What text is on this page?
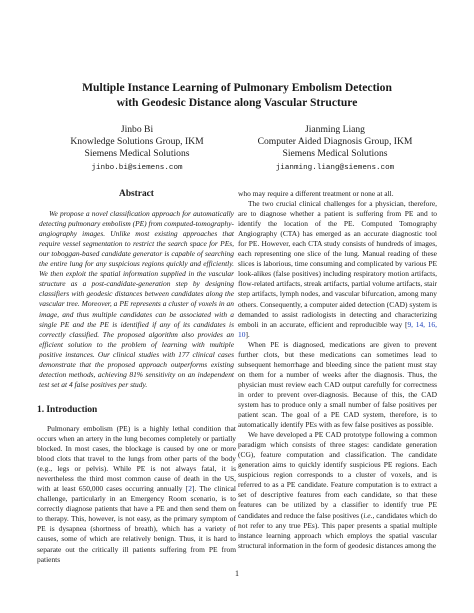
Multiple Instance Learning of Pulmonary Embolism Detection
with Geodesic Distance along Vascular Structure
Jinbo Bi
Knowledge Solutions Group, IKM
Siemens Medical Solutions
jinbo.bi@siemens.com
Jianming Liang
Computer Aided Diagnosis Group, IKM
Siemens Medical Solutions
jianming.liang@siemens.com
Abstract

We propose a novel classification approach for automatically detecting pulmonary embolism (PE) from computed-tomography-angiography images. Unlike most existing approaches that require vessel segmentation to restrict the search space for PEs, our toboggan-based candidate generator is capable of searching the entire lung for any suspicious regions quickly and efficiently. We then exploit the spatial information supplied in the vascular structure as a post-candidate-generation step by designing classifiers with geodesic distances between candidates along the vascular tree. Moreover, a PE represents a cluster of voxels in an image, and thus multiple candidates can be associated with a single PE and the PE is identified if any of its candidates is correctly classified. The proposed algorithm also provides an efficient solution to the problem of learning with multiple positive instances. Our clinical studies with 177 clinical cases demonstrate that the proposed approach outperforms existing detection methods, achieving 81% sensitivity on an independent test set at 4 false positives per study.

1. Introduction

Pulmonary embolism (PE) is a highly lethal condition that occurs when an artery in the lung becomes completely or partially blocked. In most cases, the blockage is caused by one or more blood clots that travel to the lungs from other parts of the body (e.g., legs or pelvis). While PE is not always fatal, it is nevertheless the third most common cause of death in the US, with at least 650,000 cases occurring annually [2]. The clinical challenge, particularly in an Emergency Room scenario, is to correctly diagnose patients that have a PE and then send them on to therapy. This, however, is not easy, as the primary symptom of PE is dysapnea (shortness of breath), which has a variety of causes, some of which are relatively benign. Thus, it is hard to separate out the critically ill patients suffering from PE from patients

who may require a different treatment or none at all.

The two crucial clinical challenges for a physician, therefore, are to diagnose whether a patient is suffering from PE and to identify the location of the PE. Computed Tomography Angiography (CTA) has emerged as an accurate diagnostic tool for PE. However, each CTA study consists of hundreds of images, each representing one slice of the lung. Manual reading of these slices is laborious, time consuming and complicated by various PE look-alikes (false positives) including respiratory motion artifacts, flow-related artifacts, streak artifacts, partial volume artifacts, stair step artifacts, lymph nodes, and vascular bifurcation, among many others. Consequently, a computer aided detection (CAD) system is demanded to assist radiologists in detecting and characterizing emboli in an accurate, efficient and reproducible way [9, 14, 16, 10].

When PE is diagnosed, medications are given to prevent further clots, but these medications can sometimes lead to subsequent hemorrhage and bleeding since the patient must stay on them for a number of weeks after the diagnosis. Thus, the physician must review each CAD output carefully for correctness in order to prevent over-diagnosis. Because of this, the CAD system has to produce only a small number of false positives per patient scan. The goal of a PE CAD system, therefore, is to automatically identify PEs with as few false positives as possible.

We have developed a PE CAD prototype following a common paradigm which consists of three stages: candidate generation (CG), feature computation and classification. The candidate generation aims to quickly identify suspicious PE regions. Each suspicious region corresponds to a cluster of voxels, and is referred to as a PE candidate. Feature computation is to extract a set of descriptive features from each candidate, so that these features can be utilized by a classifier to identify true PE candidates and reduce the false positives (i.e., candidates which do not refer to any true PEs). This paper presents a spatial multiple instance learning approach which employs the spatial vascular structural information in the form of geodesic distances among the

1
